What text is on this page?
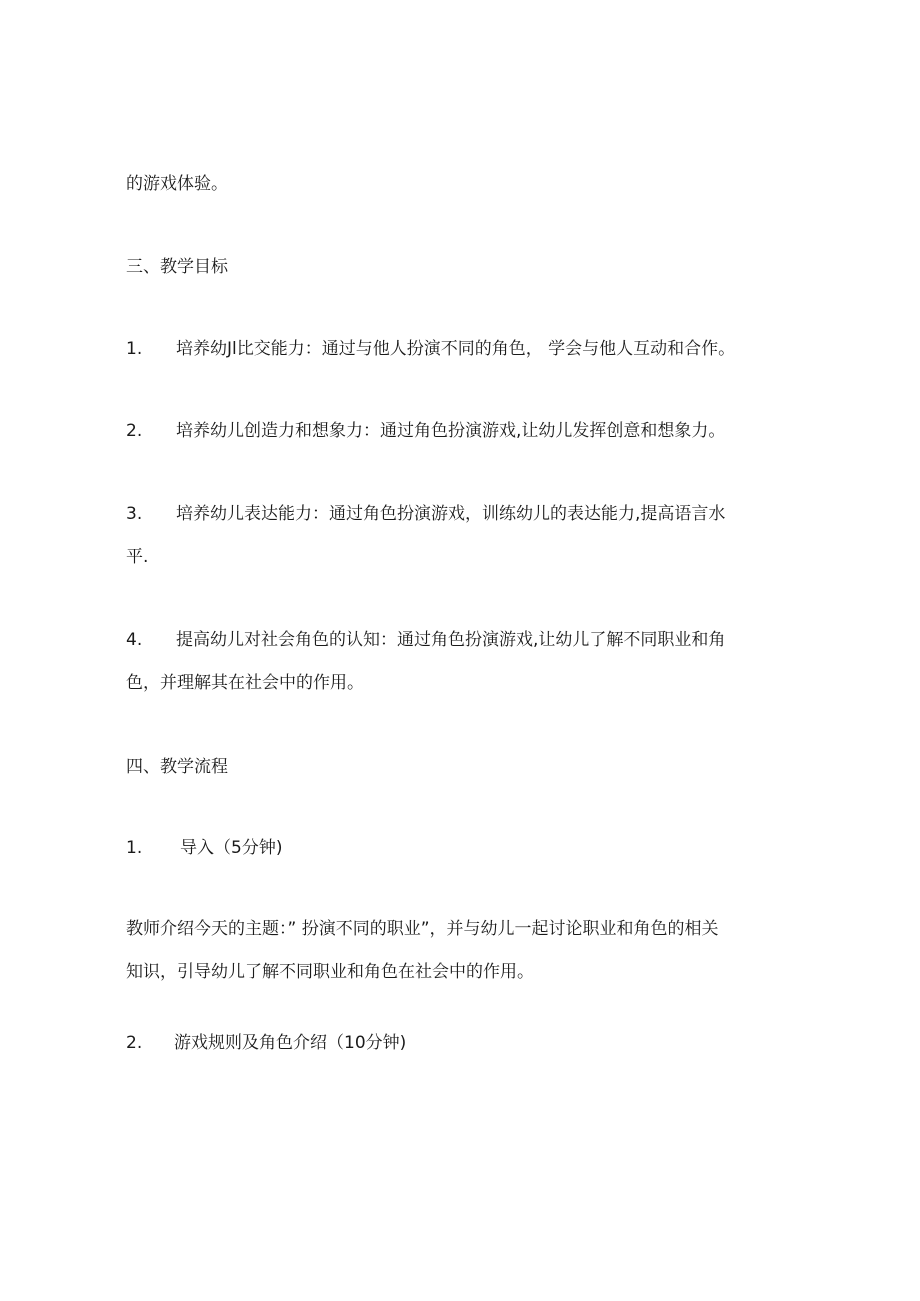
的游戏体验。
三、教学目标
1. 培养幼Jl比交能力：通过与他人扮演不同的角色， 学会与他人互动和合作。
2. 培养幼儿创造力和想象力：通过角色扮演游戏,让幼儿发挥创意和想象力。
3. 培养幼儿表达能力：通过角色扮演游戏，训练幼儿的表达能力,提高语言水
平.
4. 提高幼儿对社会角色的认知：通过角色扮演游戏,让幼儿了解不同职业和角
色，并理解其在社会中的作用。
四、教学流程
1. 导入（5分钟)
教师介绍今天的主题：” 扮演不同的职业”，并与幼儿一起讨论职业和角色的相关
知识，引导幼儿了解不同职业和角色在社会中的作用。
2. 游戏规则及角色介绍（10分钟)
